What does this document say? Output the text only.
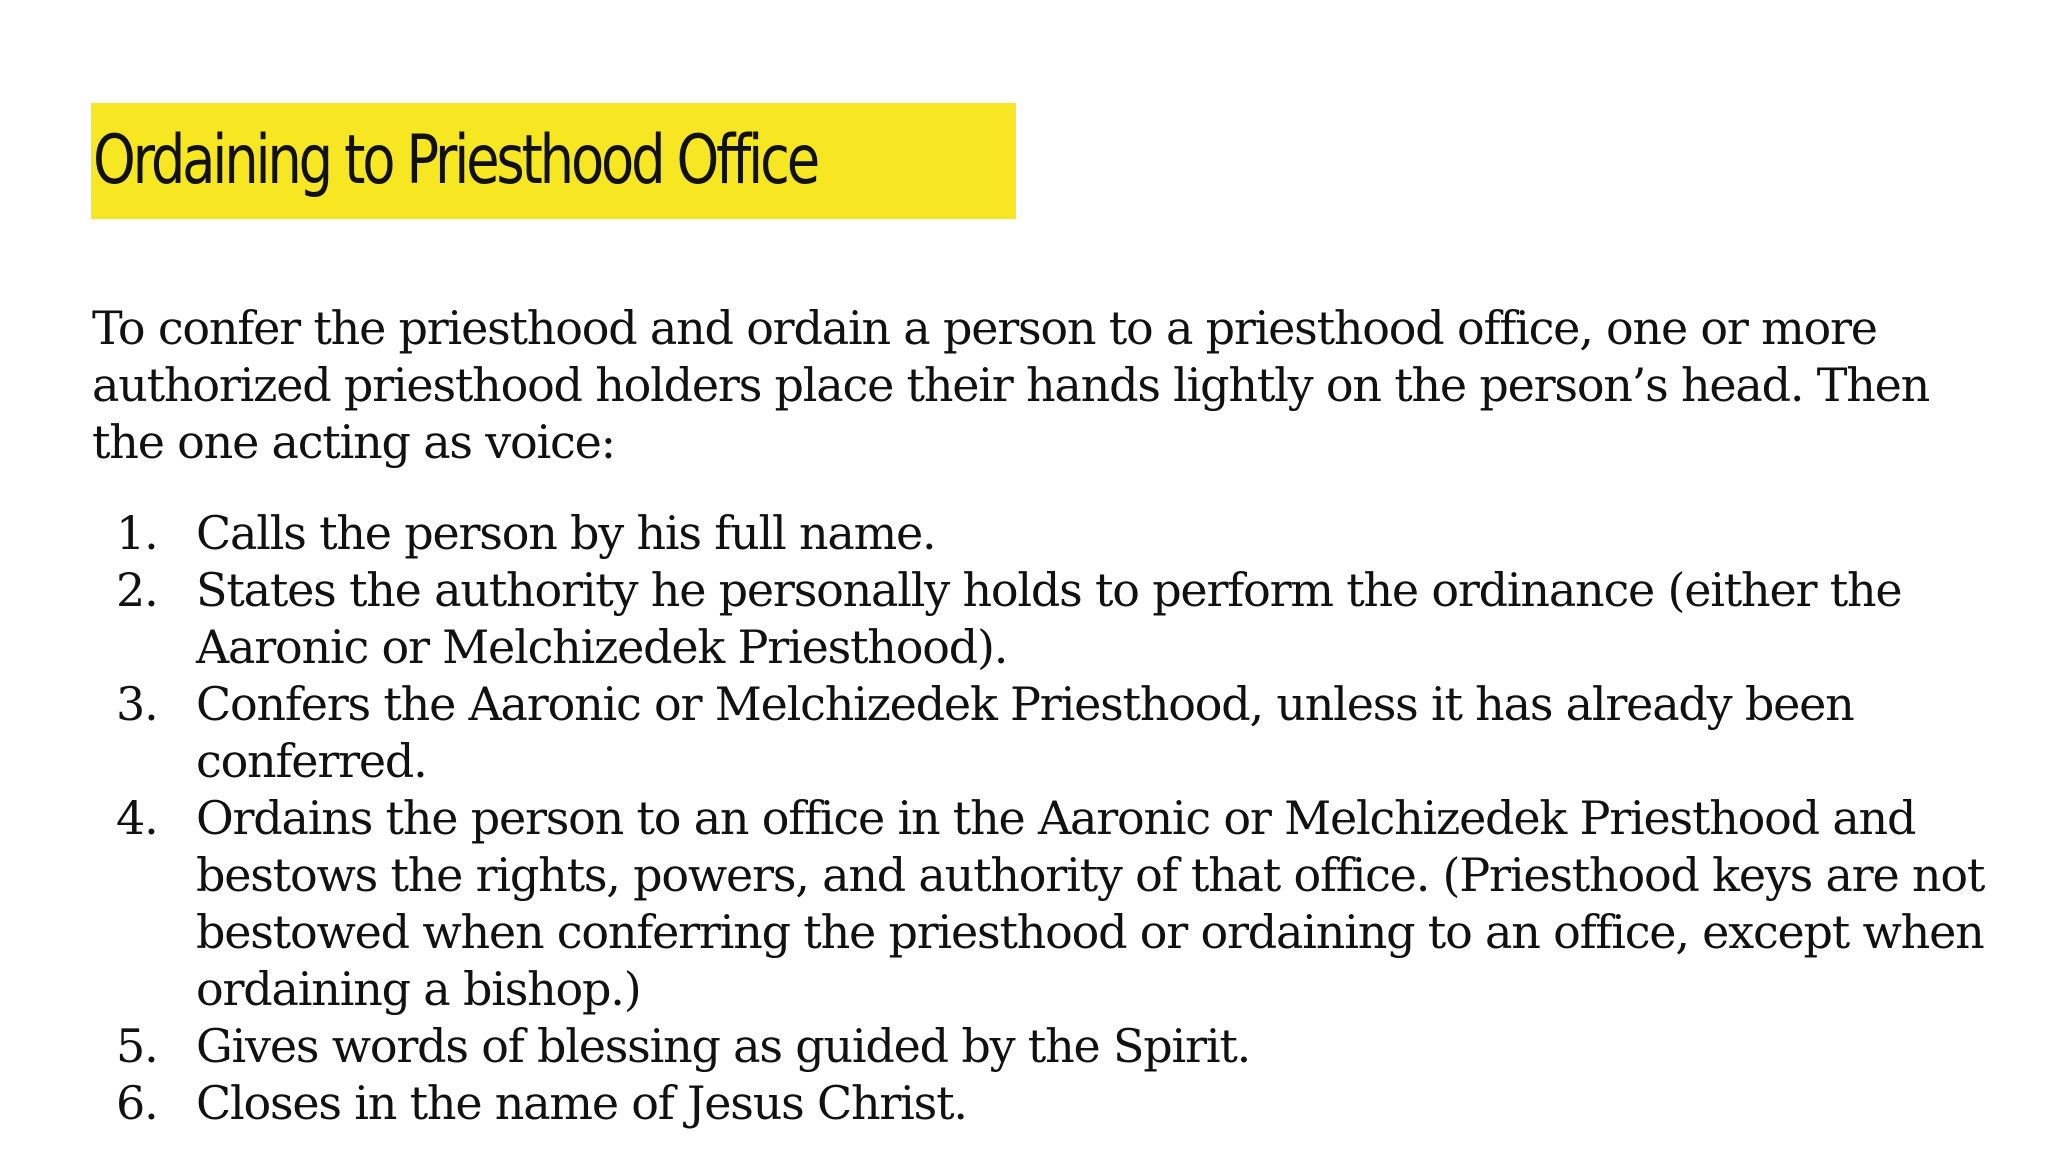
Ordaining to Priesthood Office

To confer the priesthood and ordain a person to a priesthood office, one or more authorized priesthood holders place their hands lightly on the person’s head. Then the one acting as voice:

1. Calls the person by his full name.
2. States the authority he personally holds to perform the ordinance (either the Aaronic or Melchizedek Priesthood).
3. Confers the Aaronic or Melchizedek Priesthood, unless it has already been conferred.
4. Ordains the person to an office in the Aaronic or Melchizedek Priesthood and bestows the rights, powers, and authority of that office. (Priesthood keys are not bestowed when conferring the priesthood or ordaining to an office, except when ordaining a bishop.)
5. Gives words of blessing as guided by the Spirit.
6. Closes in the name of Jesus Christ.
